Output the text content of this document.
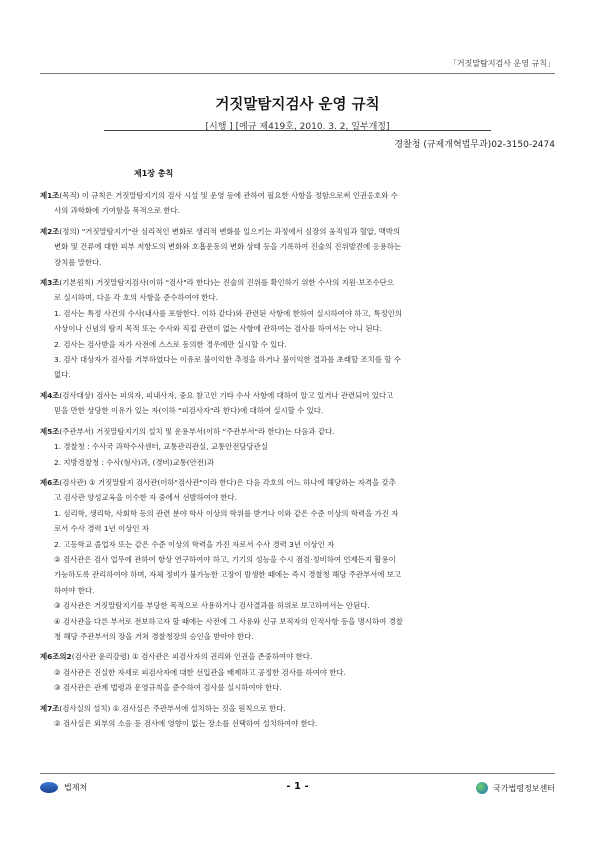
「거짓말탐지검사 운영 규칙」
거짓말탐지검사 운영 규칙
[시행 ] [예규 제419호, 2010. 3. 2, 일부개정]
경찰청 (규제개혁법무과)02-3150-2474
제1장 총칙
제1조(목적) 이 규칙은 거짓말탐지기의 검사 시설 및 운영 등에 관하여 필요한 사항을 정함으로써 인권옹호와 수
사의 과학화에 기여함을 목적으로 한다.
제2조(정의) "거짓말탐지기"란 심리적인 변화로 생리적 변화를 일으키는 과정에서 심장의 움직임과 혈압, 맥박의
변화 및 건류에 대한 피부 저항도의 변화와 호흡운동의 변화 상태 등을 기록하여 진술의 진위발견에 응용하는
장치를 말한다.
제3조(기본원칙) 거짓말탐지검사(이하 "검사"라 한다)는 진술의 진위를 확인하기 위한 수사의 지원·보조수단으
로 실시하며, 다음 각 호의 사항을 준수하여야 한다.
1. 검사는 특정 사건의 수사(내사를 포함한다. 이하 같다)와 관련된 사항에 한하여 실시하여야 하고, 특정인의
사상이나 신념의 탐지 목적 또는 수사와 직접 관련이 없는 사항에 관하여는 검사를 하여서는 아니 된다.
2. 검사는 검사받을 자가 사전에 스스로 동의한 경우에만 실시할 수 있다.
3. 검사 대상자가 검사를 거부하였다는 이유로 불이익한 추정을 하거나 불이익한 결과를 초래할 조치를 할 수
없다.
제4조(검사대상) 검사는 피의자, 피내사자, 중요 참고인 기타 수사 사항에 대하여 알고 있거나 관련되어 있다고
믿을 만한 상당한 이유가 있는 자(이하 "피검사자"라 한다)에 대하여 실시할 수 있다.
제5조(주관부서) 거짓말탐지기의 설치 및 운용부서(이하 "주관부서"라 한다)는 다음과 같다.
1. 경찰청 : 수사국 과학수사센터, 교통관리관실, 교통안전담당관실
2. 지방경찰청 : 수사(형사)과, (경비)교통(안전)과
제6조(검사관) ① 거짓말탐지 검사관(이하"검사관"이라 한다)은 다음 각호의 어느 하나에 해당하는 자격을 갖추
고 검사관 양성교육을 이수한 자 중에서 선발하여야 한다.
1. 심리학, 생리학, 사회학 등의 관련 분야 학사 이상의 학위를 받거나 이와 같은 수준 이상의 학력을 가진 자
로서 수사 경력 1년 이상인 자
2. 고등학교 졸업자 또는 같은 수준 이상의 학력을 가진 자로서 수사 경력 3년 이상인 자
② 검사관은 검사 업무에 관하여 항상 연구하여야 하고, 기기의 성능을 수시 점검·정비하여 언제든지 활용이
가능하도록 관리하여야 하며, 자체 정비가 불가능한 고장이 발생한 때에는 즉시 경찰청 해당 주관부서에 보고
하여야 한다.
③ 검사관은 거짓말탐지기를 부당한 목적으로 사용하거나 검사결과를 허위로 보고하여서는 안된다.
④ 검사관을 다른 부서로 전보하고자 할 때에는 사전에 그 사유와 신규 보직자의 인적사항 등을 명시하여 경찰
청 해당 주관부서의 장을 거쳐 경찰청장의 승인을 받아야 한다.
제6조의2(검사관 윤리강령) ① 검사관은 피검사자의 권리와 인권을 존중하여야 한다.
② 검사관은 진실한 자세로 피검사자에 대한 선입관을 배제하고 공정한 검사를 하여야 한다.
③ 검사관은 관계 법령과 운영규칙을 준수하여 검사를 실시하여야 한다.
제7조(검사실의 설치) ① 검사실은 주관부서에 설치하는 것을 원칙으로 한다.
② 검사실은 외부의 소음 등 검사에 영향이 없는 장소를 선택하여 설치하여야 한다.
법제처	- 1 -	국가법령정보센터
